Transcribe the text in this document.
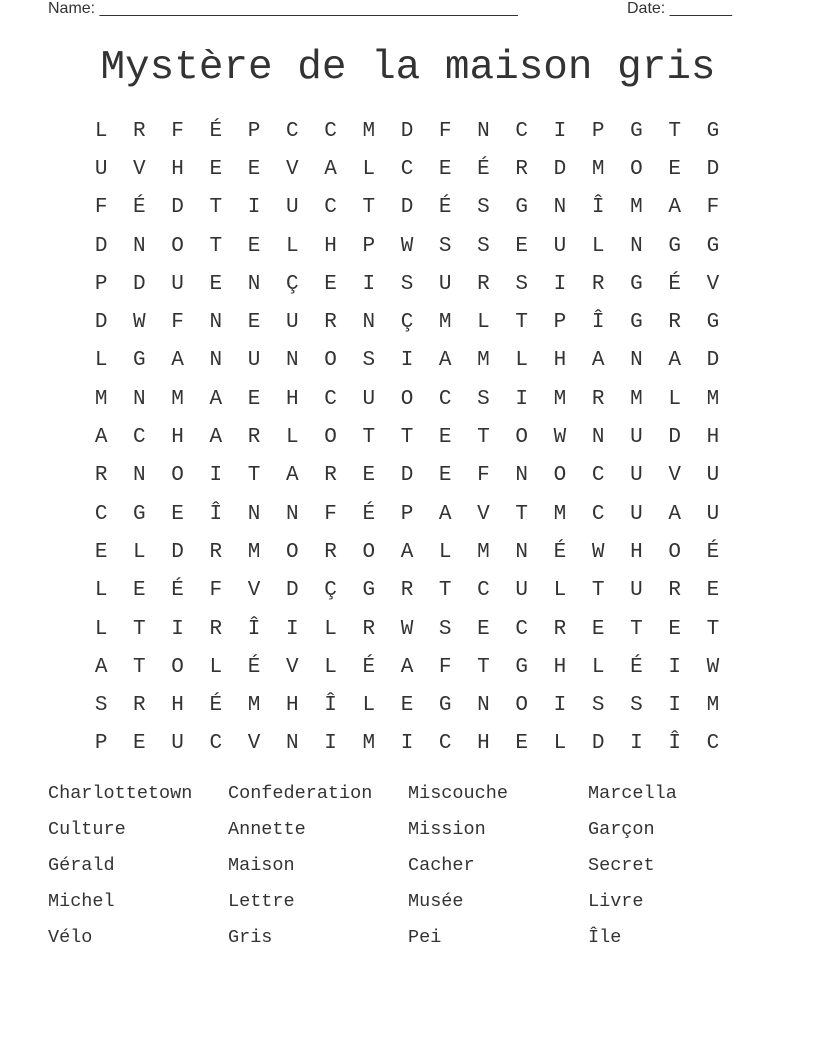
Name: _______________________________________________	Date: _______
Mystère de la maison gris
L	R	F	É	P	C	C	M	D	F	N	C	I	P	G	T	G
U	V	H	E	E	V	A	L	C	E	É	R	D	M	O	E	D
F	É	D	T	I	U	C	T	D	É	S	G	N	Î	M	A	F
D	N	O	T	E	L	H	P	W	S	S	E	U	L	N	G	G
P	D	U	E	N	Ç	E	I	S	U	R	S	I	R	G	É	V
D	W	F	N	E	U	R	N	Ç	M	L	T	P	Î	G	R	G
L	G	A	N	U	N	O	S	I	A	M	L	H	A	N	A	D
M	N	M	A	E	H	C	U	O	C	S	I	M	R	M	L	M
A	C	H	A	R	L	O	T	T	E	T	O	W	N	U	D	H
R	N	O	I	T	A	R	E	D	E	F	N	O	C	U	V	U
C	G	E	Î	N	N	F	É	P	A	V	T	M	C	U	A	U
E	L	D	R	M	O	R	O	A	L	M	N	É	W	H	O	É
L	E	É	F	V	D	Ç	G	R	T	C	U	L	T	U	R	E
L	T	I	R	Î	I	L	R	W	S	E	C	R	E	T	E	T
A	T	O	L	É	V	L	É	A	F	T	G	H	L	É	I	W
S	R	H	É	M	H	Î	L	E	G	N	O	I	S	S	I	M
P	E	U	C	V	N	I	M	I	C	H	E	L	D	I	Î	C
Charlottetown	Confederation	Miscouche	Marcella
Culture	Annette	Mission	Garçon
Gérald	Maison	Cacher	Secret
Michel	Lettre	Musée	Livre
Vélo	Gris	Pei	Île
